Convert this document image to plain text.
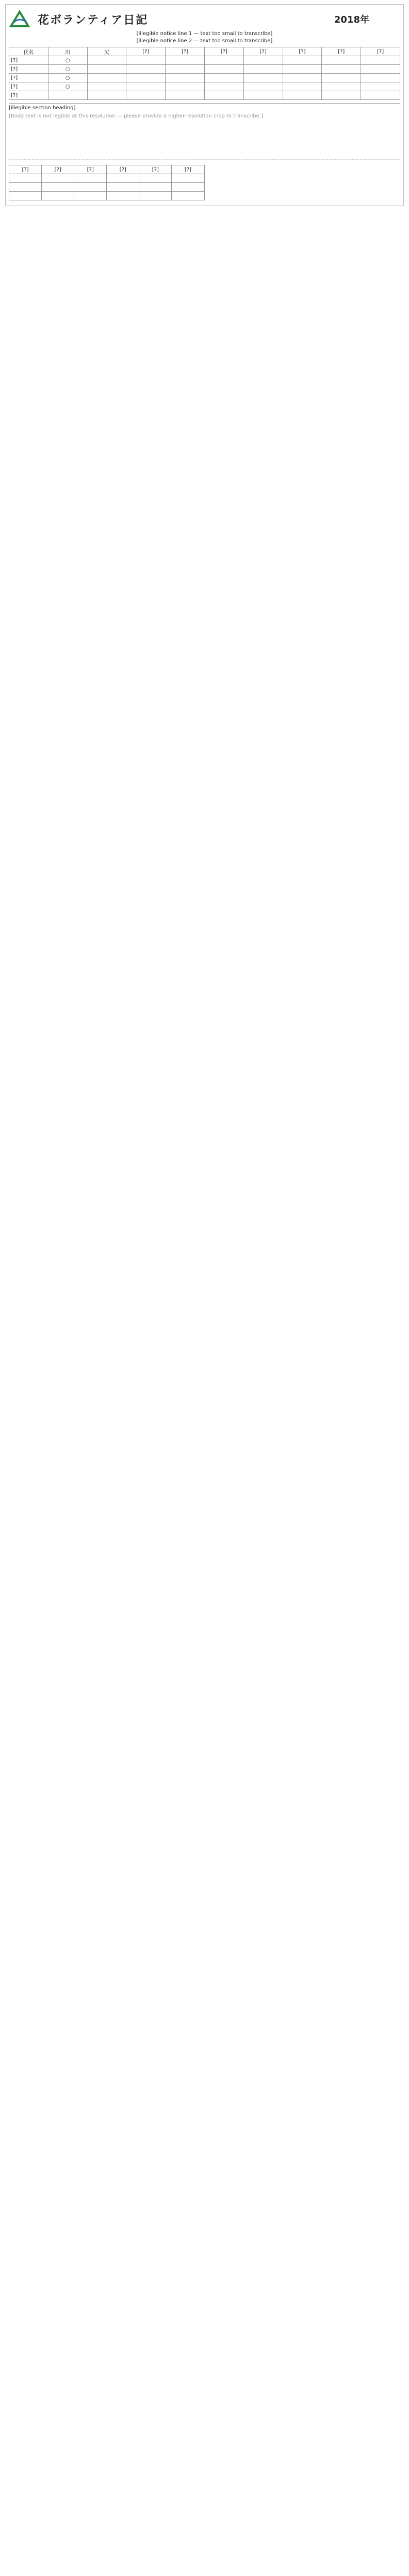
花ボランティア日記	2018年
[illegible notice line 1 — text too small to transcribe]
[illegible notice line 2 — text too small to transcribe]
氏名	出	欠	[?]	[?]	[?]	[?]	[?]	[?]	[?]
[?]	○								
[?]	○								
[?]	○								
[?]	○								
[?]									
[illegible section heading]
[Body text is not legible at this resolution — please provide a higher-resolution crop to transcribe.]
[?]	[?]	[?]	[?]	[?]	[?]
